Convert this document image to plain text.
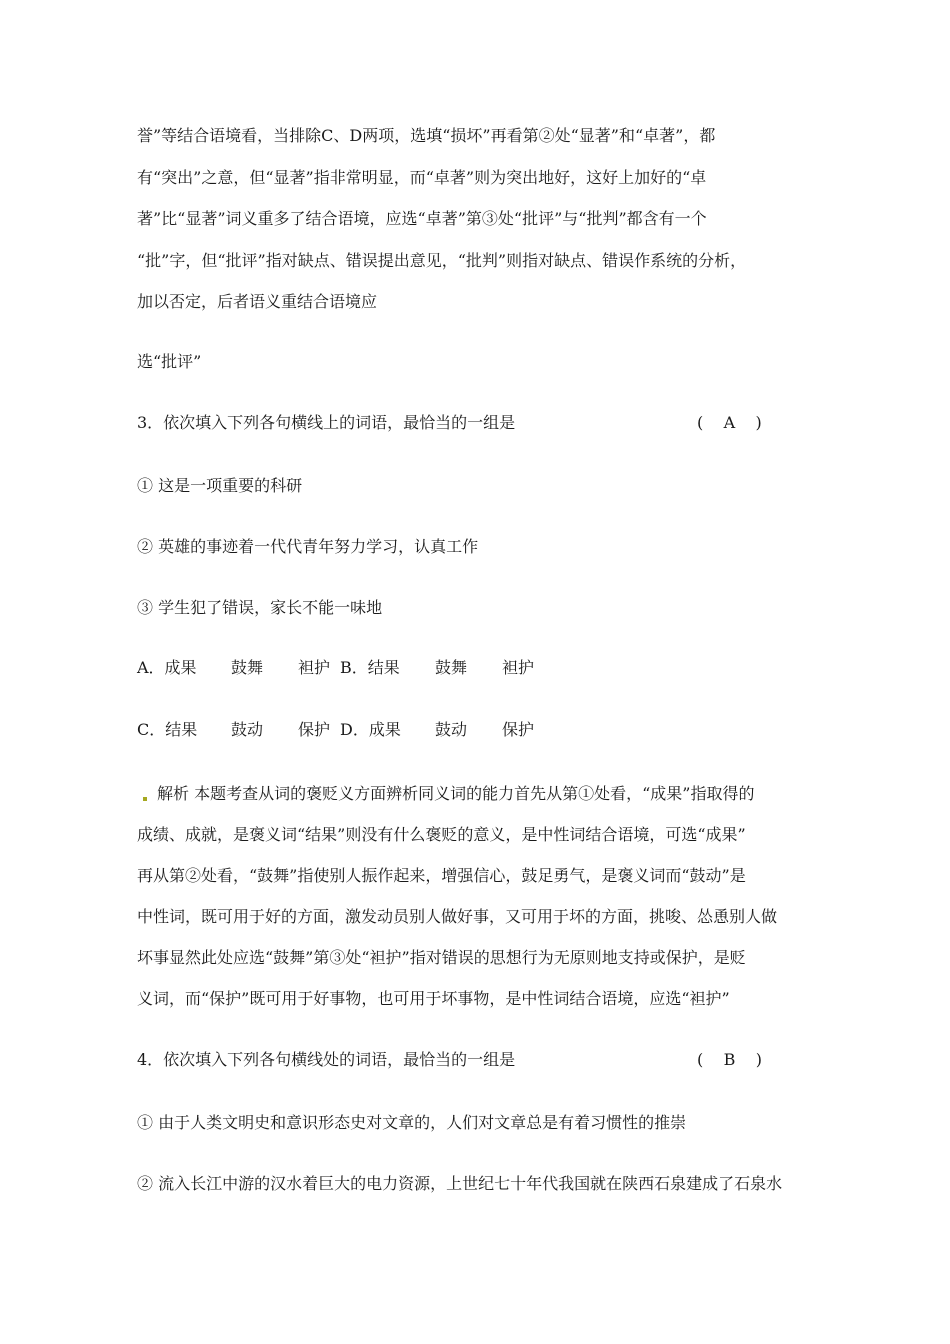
誉”等结合语境看，当排除C、D两项，选填“损坏”再看第②处“显著”和“卓著”，都
有“突出”之意，但“显著”指非常明显，而“卓著”则为突出地好，这好上加好的“卓
著”比“显著”词义重多了结合语境，应选“卓著”第③处“批评”与“批判”都含有一个
“批”字，但“批评”指对缺点、错误提出意见，“批判”则指对缺点、错误作系统的分析，
加以否定，后者语义重结合语境应
选“批评”
3．依次填入下列各句横线上的词语，最恰当的一组是	(    A    )
① 这是一项重要的科研
② 英雄的事迹着一代代青年努力学习，认真工作
③ 学生犯了错误，家长不能一味地
A．成果 鼓舞 袒护 B．结果 鼓舞 袒护
C．结果 鼓动 保护 D．成果 鼓动 保护
解析 本题考查从词的褒贬义方面辨析同义词的能力首先从第①处看，“成果”指取得的
成绩、成就，是褒义词“结果”则没有什么褒贬的意义，是中性词结合语境，可选“成果”
再从第②处看，“鼓舞”指使别人振作起来，增强信心，鼓足勇气，是褒义词而“鼓动”是
中性词，既可用于好的方面，激发动员别人做好事，又可用于坏的方面，挑唆、怂恿别人做
坏事显然此处应选“鼓舞”第③处“袒护”指对错误的思想行为无原则地支持或保护，是贬
义词，而“保护”既可用于好事物，也可用于坏事物，是中性词结合语境，应选“袒护”
4．依次填入下列各句横线处的词语，最恰当的一组是	(    B    )
① 由于人类文明史和意识形态史对文章的，人们对文章总是有着习惯性的推崇
② 流入长江中游的汉水着巨大的电力资源，上世纪七十年代我国就在陕西石泉建成了石泉水
